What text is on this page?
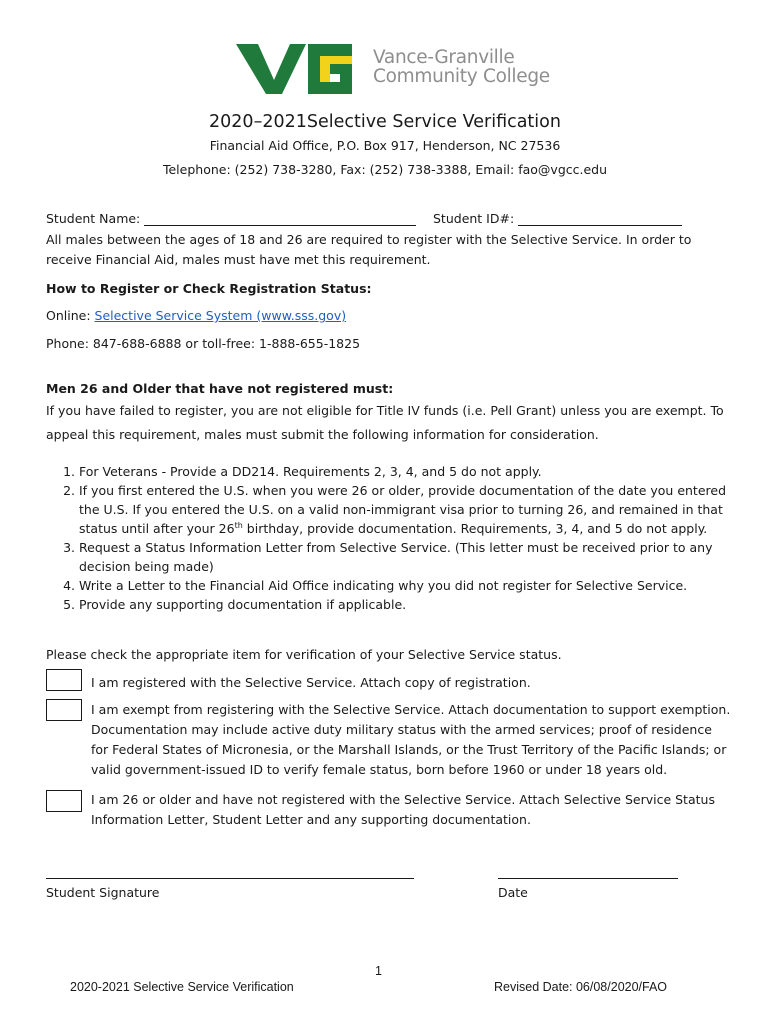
Vance-Granville
Community College
2020–2021Selective Service Verification
Financial Aid Office, P.O. Box 917, Henderson, NC 27536
Telephone: (252) 738-3280, Fax: (252) 738-3388, Email: fao@vgcc.edu
Student Name:	Student ID#:
All males between the ages of 18 and 26 are required to register with the Selective Service. In order to
receive Financial Aid, males must have met this requirement.
How to Register or Check Registration Status:
Online: Selective Service System (www.sss.gov)
Phone: 847-688-6888 or toll-free: 1-888-655-1825
Men 26 and Older that have not registered must:
If you have failed to register, you are not eligible for Title IV funds (i.e. Pell Grant) unless you are exempt. To
appeal this requirement, males must submit the following information for consideration.
1. For Veterans - Provide a DD214. Requirements 2, 3, 4, and 5 do not apply.
2. If you first entered the U.S. when you were 26 or older, provide documentation of the date you entered the U.S. If you entered the U.S. on a valid non-immigrant visa prior to turning 26, and remained in that status until after your 26th birthday, provide documentation. Requirements, 3, 4, and 5 do not apply.
3. Request a Status Information Letter from Selective Service. (This letter must be received prior to any decision being made)
4. Write a Letter to the Financial Aid Office indicating why you did not register for Selective Service.
5. Provide any supporting documentation if applicable.
Please check the appropriate item for verification of your Selective Service status.
I am registered with the Selective Service. Attach copy of registration.
I am exempt from registering with the Selective Service. Attach documentation to support exemption. Documentation may include active duty military status with the armed services; proof of residence for Federal States of Micronesia, or the Marshall Islands, or the Trust Territory of the Pacific Islands; or valid government-issued ID to verify female status, born before 1960 or under 18 years old.
I am 26 or older and have not registered with the Selective Service. Attach Selective Service Status Information Letter, Student Letter and any supporting documentation.
Student Signature	Date
1
2020-2021 Selective Service Verification	Revised Date: 06/08/2020/FAO
